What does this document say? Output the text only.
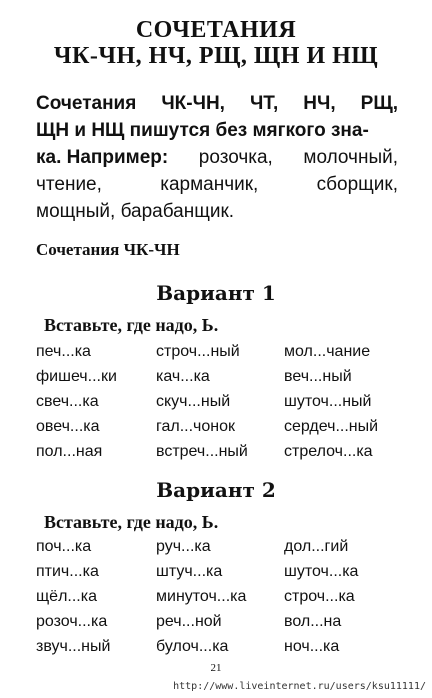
СОЧЕТАНИЯ
ЧК-ЧН, НЧ, РЩ, ЩН И НЩ
Сочетания ЧК-ЧН, ЧТ, НЧ, РЩ,
ЩН и НЩ пишутся без мягкого зна-
ка. Например: розочка, молочный,
чтение,	карманчик,	сборщик,
мощный, барабанщик.
Сочетания ЧК-ЧН
Вариант 1
Вставьте, где надо, Ь.
печ...ка	строч...ный	мол...чание
фишеч...ки кач...ка	веч...ный
свеч...ка	скуч...ный	шуточ...ный
овеч...ка	гал...чонок	сердеч...ный
пол...ная	встреч...ный стрелоч...ка
Вариант 2
Вставьте, где надо, Ь.
поч...ка	руч...ка	дол...гий
птич...ка	штуч...ка	шуточ...ка
щёл...ка	минуточ...ка строч...ка
розоч...ка	реч...ной	вол...на
звуч...ный	булоч...ка	ноч...ка
21
http://www.liveinternet.ru/users/ksu11111/
